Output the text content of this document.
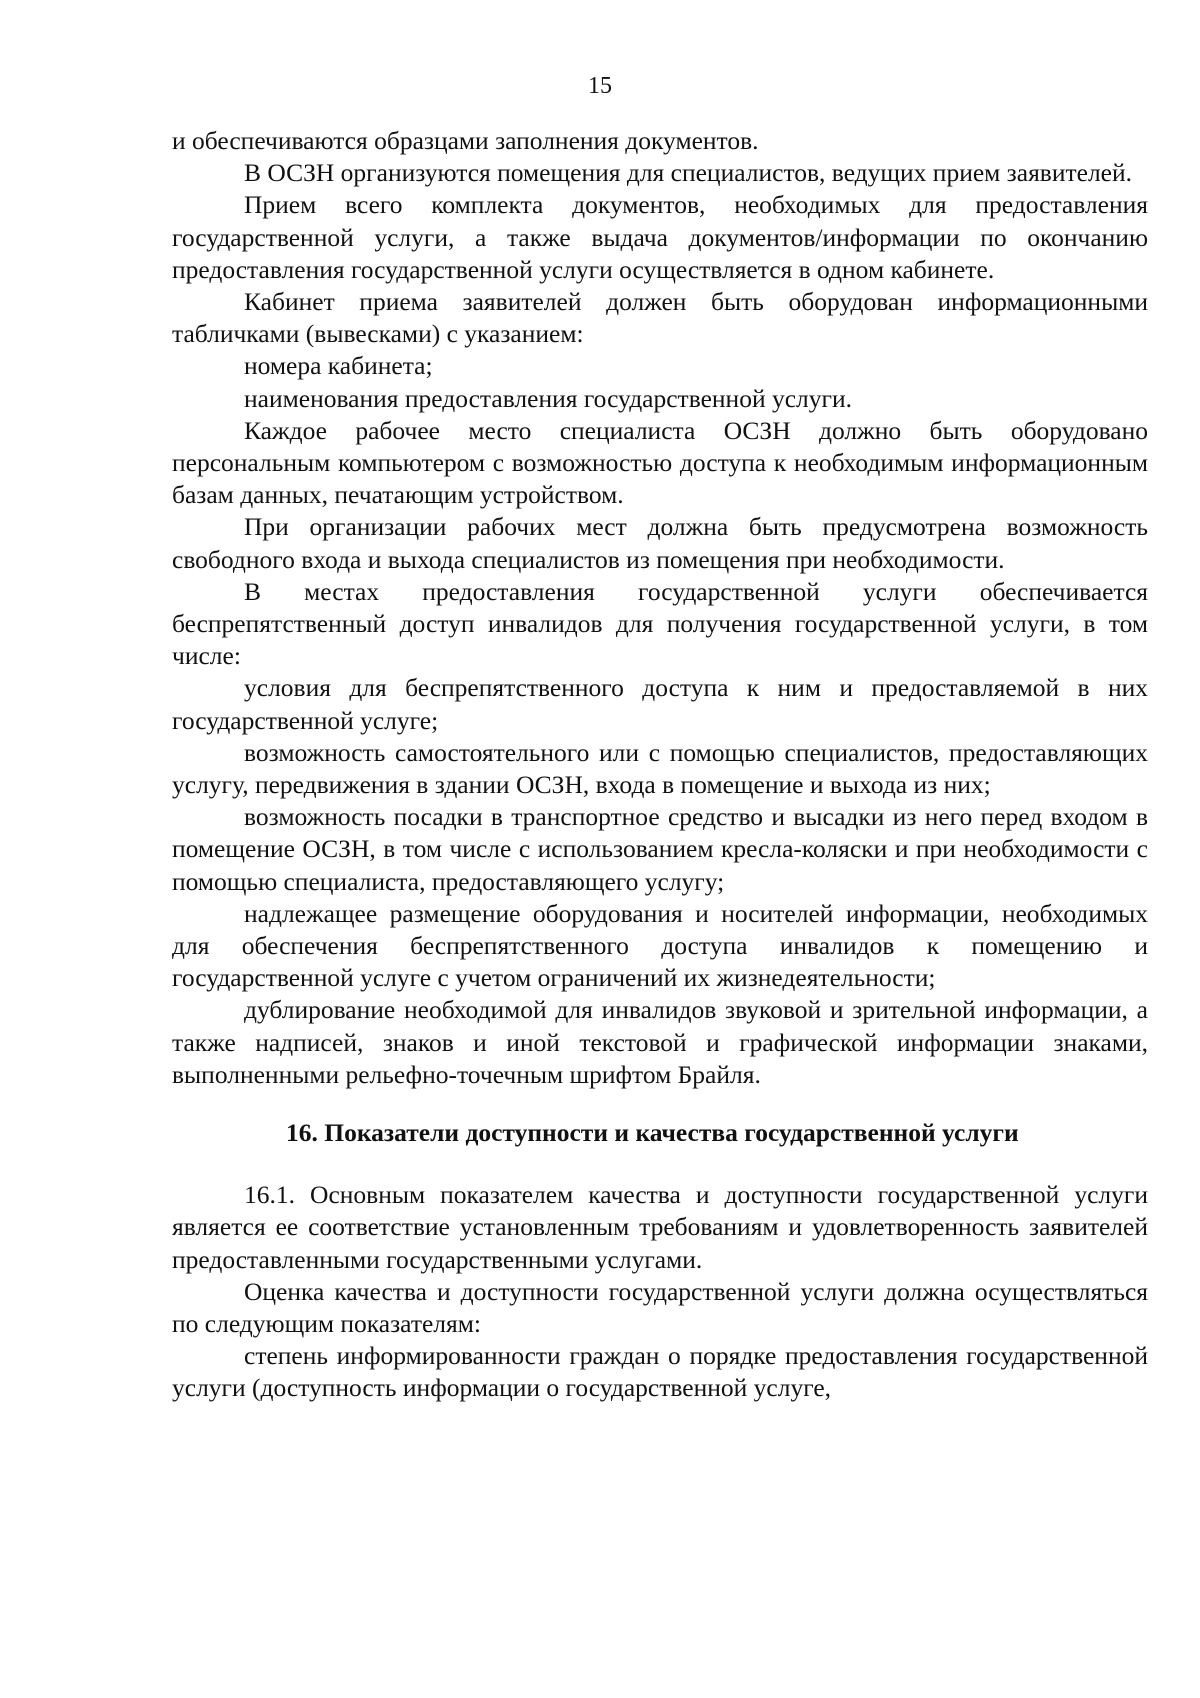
15

и обеспечиваются образцами заполнения документов.

В ОСЗН организуются помещения для специалистов, ведущих прием заявителей.

Прием всего комплекта документов, необходимых для предоставления государственной услуги, а также выдача документов/информации по окончанию предоставления государственной услуги осуществляется в одном кабинете.

Кабинет приема заявителей должен быть оборудован информационными табличками (вывесками) с указанием:

номера кабинета;

наименования предоставления государственной услуги.

Каждое рабочее место специалиста ОСЗН должно быть оборудовано персональным компьютером с возможностью доступа к необходимым информационным базам данных, печатающим устройством.

При организации рабочих мест должна быть предусмотрена возможность свободного входа и выхода специалистов из помещения при необходимости.

В местах предоставления государственной услуги обеспечивается беспрепятственный доступ инвалидов для получения государственной услуги, в том числе:

условия для беспрепятственного доступа к ним и предоставляемой в них государственной услуге;

возможность самостоятельного или с помощью специалистов, предоставляющих услугу, передвижения в здании ОСЗН, входа в помещение и выхода из них;

возможность посадки в транспортное средство и высадки из него перед входом в помещение ОСЗН, в том числе с использованием кресла-коляски и при необходимости с помощью специалиста, предоставляющего услугу;

надлежащее размещение оборудования и носителей информации, необходимых для обеспечения беспрепятственного доступа инвалидов к помещению и государственной услуге с учетом ограничений их жизнедеятельности;

дублирование необходимой для инвалидов звуковой и зрительной информации, а также надписей, знаков и иной текстовой и графической информации знаками, выполненными рельефно-точечным шрифтом Брайля.

16. Показатели доступности и качества государственной услуги

16.1. Основным показателем качества и доступности государственной услуги является ее соответствие установленным требованиям и удовлетворенность заявителей предоставленными государственными услугами.

Оценка качества и доступности государственной услуги должна осуществляться по следующим показателям:

степень информированности граждан о порядке предоставления государственной услуги (доступность информации о государственной услуге,
